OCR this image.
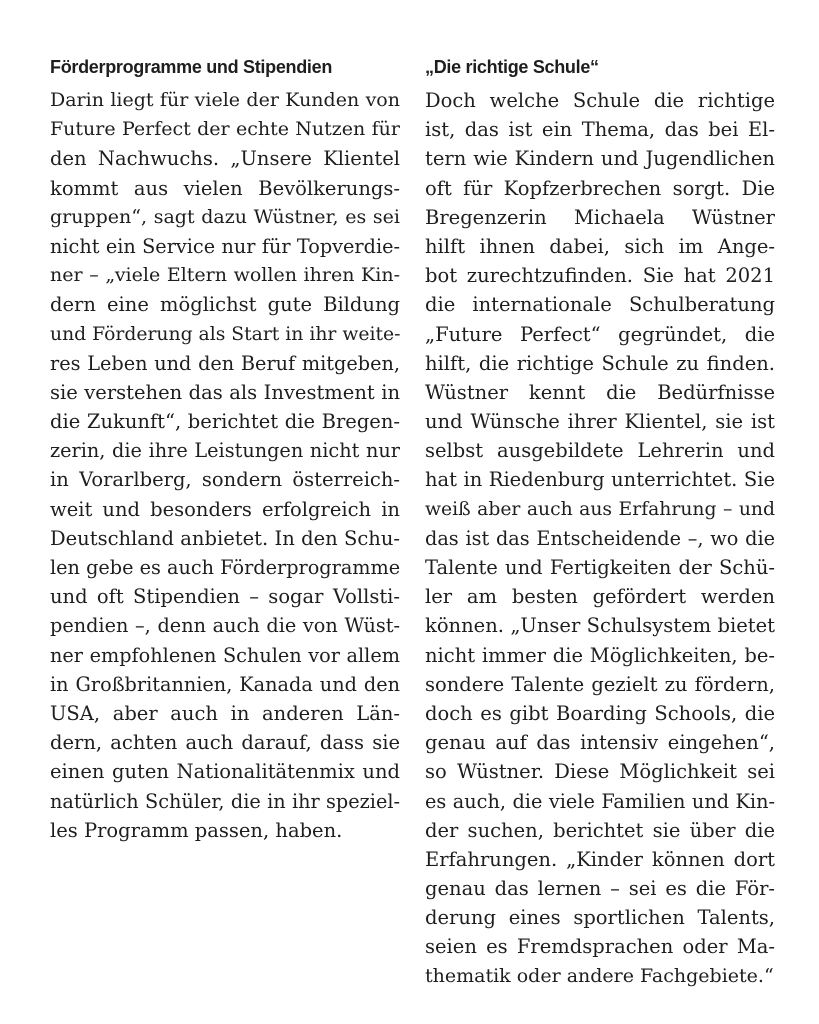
Förderprogramme und Stipendien
Darin liegt für viele der Kunden von
Future Perfect der echte Nutzen für
den Nachwuchs. „Unsere Klientel
kommt aus vielen Bevölkerungs-
gruppen“, sagt dazu Wüstner, es sei
nicht ein Service nur für Topverdie-
ner – „viele Eltern wollen ihren Kin-
dern eine möglichst gute Bildung
und Förderung als Start in ihr weite-
res Leben und den Beruf mitgeben,
sie verstehen das als Investment in
die Zukunft“, berichtet die Bregen-
zerin, die ihre Leistungen nicht nur
in Vorarlberg, sondern österreich-
weit und besonders erfolgreich in
Deutschland anbietet. In den Schu-
len gebe es auch Förderprogramme
und oft Stipendien – sogar Vollsti-
pendien –, denn auch die von Wüst-
ner empfohlenen Schulen vor allem
in Großbritannien, Kanada und den
USA, aber auch in anderen Län-
dern, achten auch darauf, dass sie
einen guten Nationalitätenmix und
natürlich Schüler, die in ihr speziel-
les Programm passen, haben.
„Die richtige Schule“
Doch welche Schule die richtige
ist, das ist ein Thema, das bei El-
tern wie Kindern und Jugendlichen
oft für Kopfzerbrechen sorgt. Die
Bregenzerin Michaela Wüstner
hilft ihnen dabei, sich im Ange-
bot zurechtzufinden. Sie hat 2021
die internationale Schulberatung
„Future Perfect“ gegründet, die
hilft, die richtige Schule zu finden.
Wüstner kennt die Bedürfnisse
und Wünsche ihrer Klientel, sie ist
selbst ausgebildete Lehrerin und
hat in Riedenburg unterrichtet. Sie
weiß aber auch aus Erfahrung – und
das ist das Entscheidende –, wo die
Talente und Fertigkeiten der Schü-
ler am besten gefördert werden
können. „Unser Schulsystem bietet
nicht immer die Möglichkeiten, be-
sondere Talente gezielt zu fördern,
doch es gibt Boarding Schools, die
genau auf das intensiv eingehen“,
so Wüstner. Diese Möglichkeit sei
es auch, die viele Familien und Kin-
der suchen, berichtet sie über die
Erfahrungen. „Kinder können dort
genau das lernen – sei es die För-
derung eines sportlichen Talents,
seien es Fremdsprachen oder Ma-
thematik oder andere Fachgebiete.“
